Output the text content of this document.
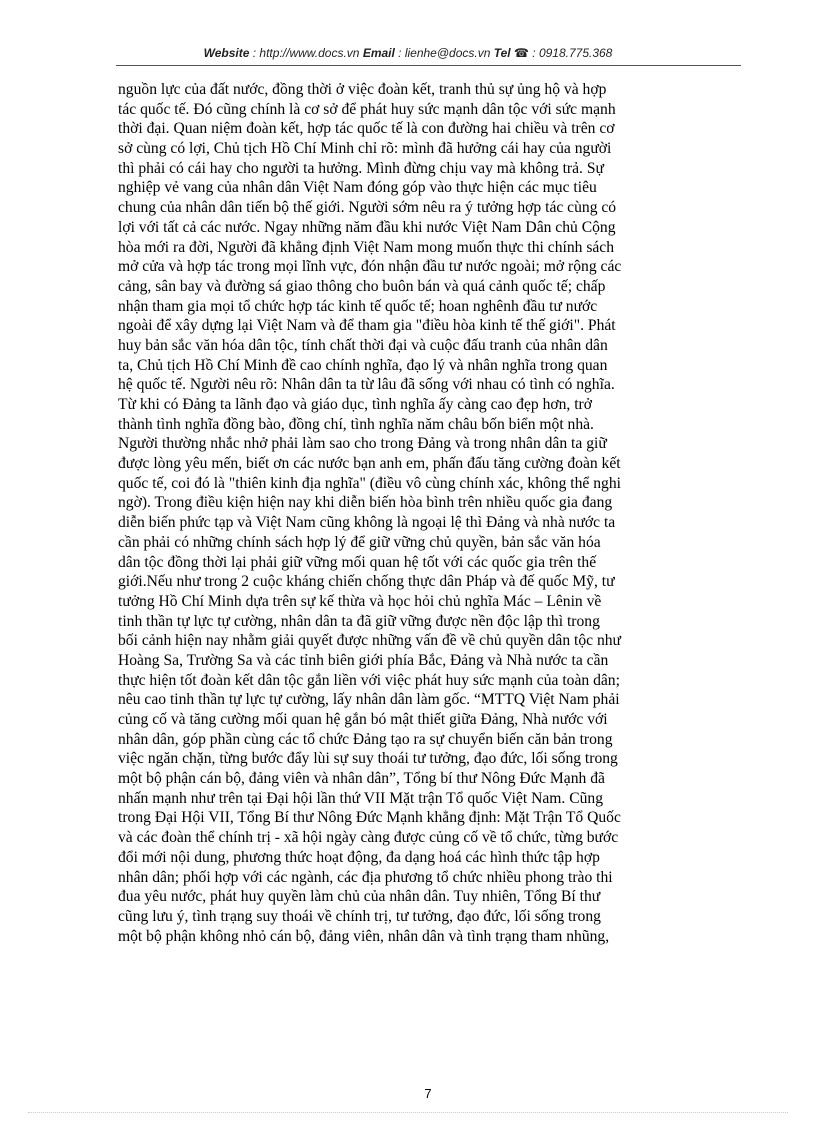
Website : http://www.docs.vn Email : lienhe@docs.vn Tel ☎ : 0918.775.368
nguồn lực của đất nước, đồng thời ở việc đoàn kết, tranh thủ sự ủng hộ và hợp
tác quốc tế. Đó cũng chính là cơ sở để phát huy sức mạnh dân tộc với sức mạnh
thời đại. Quan niệm đoàn kết, hợp tác quốc tế là con đường hai chiều và trên cơ
sở cùng có lợi, Chủ tịch Hồ Chí Minh chỉ rõ: mình đã hưởng cái hay của người
thì phải có cái hay cho người ta hưởng. Mình đừng chịu vay mà không trả. Sự
nghiệp vẻ vang của nhân dân Việt Nam đóng góp vào thực hiện các mục tiêu
chung của nhân dân tiến bộ thế giới. Người sớm nêu ra ý tưởng hợp tác cùng có
lợi với tất cả các nước. Ngay những năm đầu khi nước Việt Nam Dân chủ Cộng
hòa mới ra đời, Người đã khẳng định Việt Nam mong muốn thực thi chính sách
mở cửa và hợp tác trong mọi lĩnh vực, đón nhận đầu tư nước ngoài; mở rộng các
cảng, sân bay và đường sá giao thông cho buôn bán và quá cảnh quốc tế; chấp
nhận tham gia mọi tổ chức hợp tác kinh tế quốc tế; hoan nghênh đầu tư nước
ngoài để xây dựng lại Việt Nam và để tham gia "điều hòa kinh tế thế giới". Phát
huy bản sắc văn hóa dân tộc, tính chất thời đại và cuộc đấu tranh của nhân dân
ta, Chủ tịch Hồ Chí Minh đề cao chính nghĩa, đạo lý và nhân nghĩa trong quan
hệ quốc tế. Người nêu rõ: Nhân dân ta từ lâu đã sống với nhau có tình có nghĩa.
Từ khi có Đảng ta lãnh đạo và giáo dục, tình nghĩa ấy càng cao đẹp hơn, trở
thành tình nghĩa đồng bào, đồng chí, tình nghĩa năm châu bốn biển một nhà.
Người thường nhắc nhở phải làm sao cho trong Đảng và trong nhân dân ta giữ
được lòng yêu mến, biết ơn các nước bạn anh em, phấn đấu tăng cường đoàn kết
quốc tế, coi đó là "thiên kinh địa nghĩa" (điều vô cùng chính xác, không thể nghi
ngờ). Trong điều kiện hiện nay khi diễn biến hòa bình trên nhiều quốc gia đang
diễn biến phức tạp và Việt Nam cũng không là ngoại lệ thì Đảng và nhà nước ta
cần phải có những chính sách hợp lý để giữ vững chủ quyền, bản sắc văn hóa
dân tộc đồng thời lại phải giữ vững mối quan hệ tốt với các quốc gia trên thế
giới.Nếu như trong 2 cuộc kháng chiến chống thực dân Pháp và đế quốc Mỹ, tư
tưởng Hồ Chí Minh dựa trên sự kế thừa và học hỏi chủ nghĩa Mác – Lênin về
tinh thần tự lực tự cường, nhân dân ta đã giữ vững được nền độc lập thì trong
bối cảnh hiện nay nhằm giải quyết được những vấn đề về chủ quyền dân tộc như
Hoàng Sa, Trường Sa và các tỉnh biên giới phía Bắc, Đảng và Nhà nước ta cần
thực hiện tốt đoàn kết dân tộc gắn liền với việc phát huy sức mạnh của toàn dân;
nêu cao tinh thần tự lực tự cường, lấy nhân dân làm gốc. “MTTQ Việt Nam phải
củng cố và tăng cường mối quan hệ gắn bó mật thiết giữa Đảng, Nhà nước với
nhân dân, góp phần cùng các tổ chức Đảng tạo ra sự chuyển biến căn bản trong
việc ngăn chặn, từng bước đẩy lùi sự suy thoái tư tưởng, đạo đức, lối sống trong
một bộ phận cán bộ, đảng viên và nhân dân”, Tổng bí thư Nông Đức Mạnh đã
nhấn mạnh như trên tại Đại hội lần thứ VII Mặt trận Tổ quốc Việt Nam. Cũng
trong Đại Hội VII, Tổng Bí thư Nông Đức Mạnh khẳng định: Mặt Trận Tổ Quốc
và các đoàn thể chính trị - xã hội ngày càng được củng cố về tổ chức, từng bước
đổi mới nội dung, phương thức hoạt động, đa dạng hoá các hình thức tập hợp
nhân dân; phối hợp với các ngành, các địa phương tổ chức nhiều phong trào thi
đua yêu nước, phát huy quyền làm chủ của nhân dân. Tuy nhiên, Tổng Bí thư
cũng lưu ý, tình trạng suy thoái về chính trị, tư tưởng, đạo đức, lối sống trong
một bộ phận không nhỏ cán bộ, đảng viên, nhân dân và tình trạng tham nhũng,
7
